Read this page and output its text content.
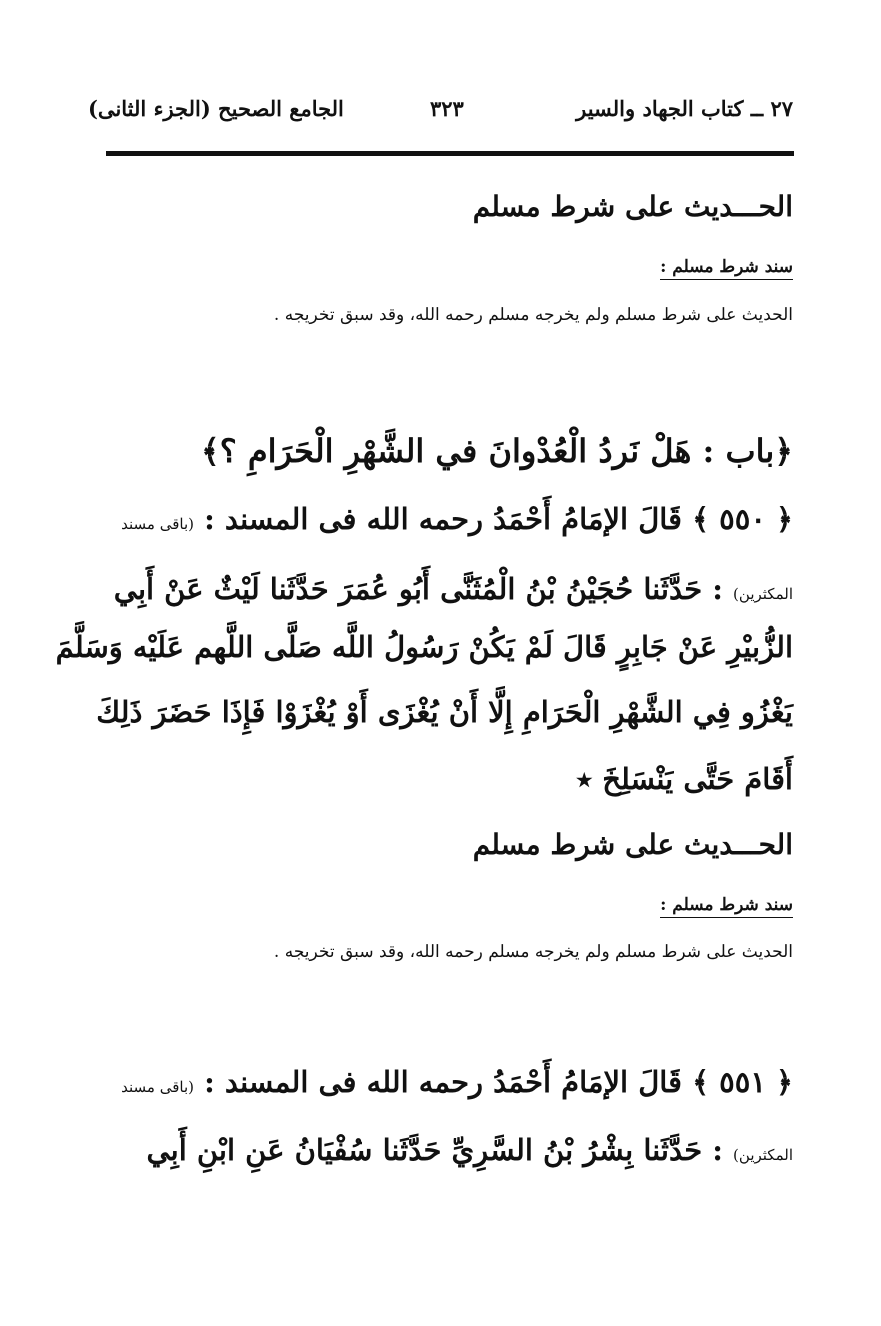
٢٧ ــ كتاب الجهاد والسير
٣٢٣
الجامع الصحيح (الجزء الثانى)
الحـــديث على شرط مسلم
سند شرط مسلم :
الحديث على شرط مسلم ولم يخرجه مسلم رحمه الله، وقد سبق تخريجه .
﴿باب : هَلْ نَردُ الْعُدْوانَ في الشَّهْرِ الْحَرَامِ ؟﴾
﴿ ٥٥٠ ﴾ قَالَ الإمَامُ أَحْمَدُ رحمه الله فى المسند : (باقى مسند
المكثرين) : حَدَّثَنا حُجَيْنُ بْنُ الْمُثَنَّى أَبُو عُمَرَ حَدَّثَنا لَيْثٌ عَنْ أَبِي
الزُّبيْرِ عَنْ جَابِرٍ قَالَ لَمْ يَكُنْ رَسُولُ اللَّه صَلَّى اللَّهم عَلَيْه وَسَلَّمَ
يَغْزُو فِي الشَّهْرِ الْحَرَامِ إِلَّا أَنْ يُغْزَى أَوْ يُغْزَوْا فَإِذَا حَضَرَ ذَلِكَ
أَقَامَ حَتَّى يَنْسَلِخَ ٭
الحـــديث على شرط مسلم
سند شرط مسلم :
الحديث على شرط مسلم ولم يخرجه مسلم رحمه الله، وقد سبق تخريجه .
﴿ ٥٥١ ﴾ قَالَ الإمَامُ أَحْمَدُ رحمه الله فى المسند : (باقى مسند
المكثرين) : حَدَّثَنا بِشْرُ بْنُ السَّرِيِّ حَدَّثَنا سُفْيَانُ عَنِ ابْنِ أَبِي
